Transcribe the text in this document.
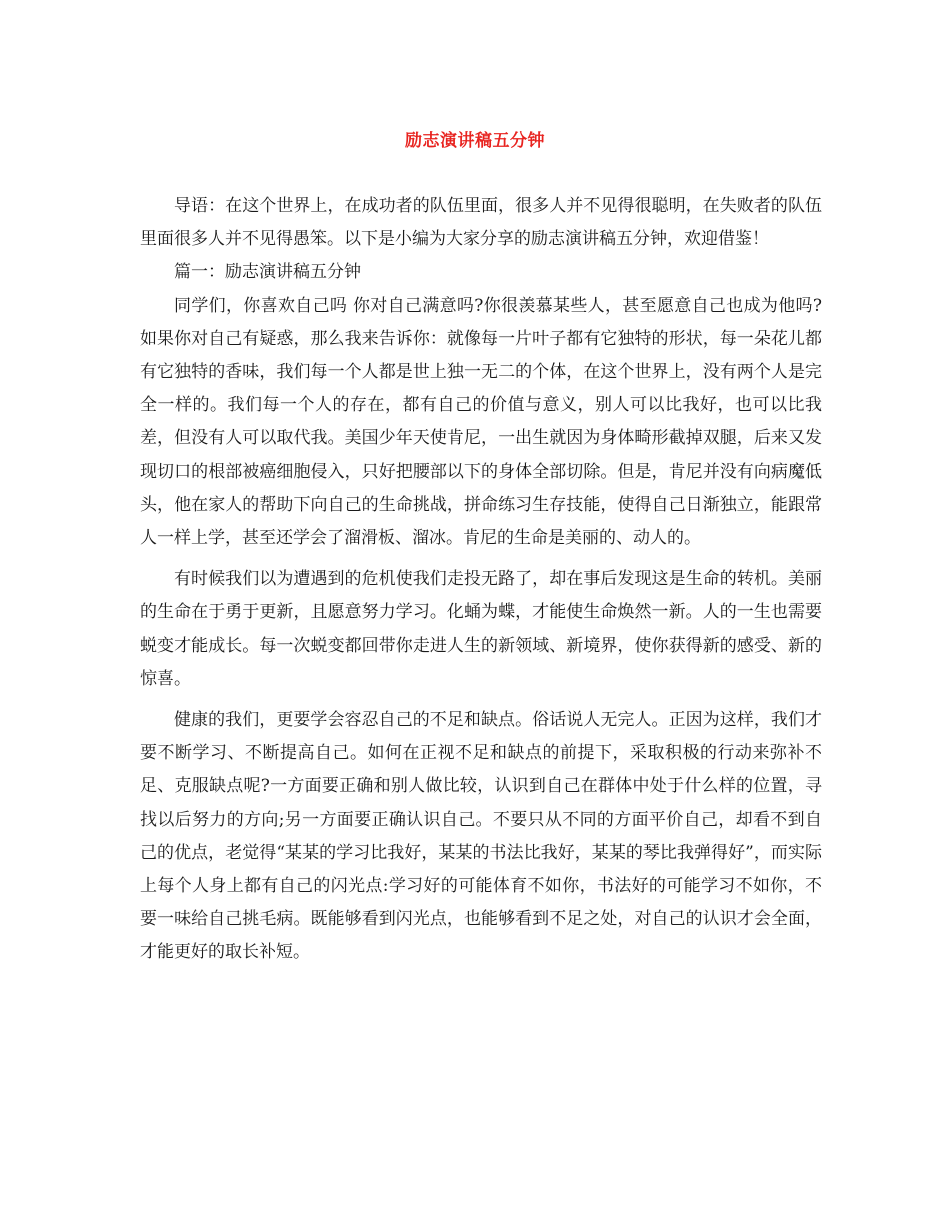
励志演讲稿五分钟

导语：在这个世界上，在成功者的队伍里面，很多人并不见得很聪明，在失败者的队伍里面很多人并不见得愚笨。以下是小编为大家分享的励志演讲稿五分钟，欢迎借鉴！

篇一：励志演讲稿五分钟

同学们，你喜欢自己吗 你对自己满意吗?你很羡慕某些人，甚至愿意自己也成为他吗?如果你对自己有疑惑，那么我来告诉你：就像每一片叶子都有它独特的形状，每一朵花儿都有它独特的香味，我们每一个人都是世上独一无二的个体，在这个世界上，没有两个人是完全一样的。我们每一个人的存在，都有自己的价值与意义，别人可以比我好，也可以比我差，但没有人可以取代我。美国少年天使肯尼，一出生就因为身体畸形截掉双腿，后来又发现切口的根部被癌细胞侵入，只好把腰部以下的身体全部切除。但是，肯尼并没有向病魔低头，他在家人的帮助下向自己的生命挑战，拼命练习生存技能，使得自己日渐独立，能跟常人一样上学，甚至还学会了溜滑板、溜冰。肯尼的生命是美丽的、动人的。

有时候我们以为遭遇到的危机使我们走投无路了，却在事后发现这是生命的转机。美丽的生命在于勇于更新，且愿意努力学习。化蛹为蝶，才能使生命焕然一新。人的一生也需要蜕变才能成长。每一次蜕变都回带你走进人生的新领域、新境界，使你获得新的感受、新的惊喜。

健康的我们，更要学会容忍自己的不足和缺点。俗话说人无完人。正因为这样，我们才要不断学习、不断提高自己。如何在正视不足和缺点的前提下，采取积极的行动来弥补不足、克服缺点呢?一方面要正确和别人做比较，认识到自己在群体中处于什么样的位置，寻找以后努力的方向;另一方面要正确认识自己。不要只从不同的方面平价自己，却看不到自己的优点，老觉得“某某的学习比我好，某某的书法比我好，某某的琴比我弹得好”，而实际上每个人身上都有自己的闪光点:学习好的可能体育不如你，书法好的可能学习不如你，不要一味给自己挑毛病。既能够看到闪光点，也能够看到不足之处，对自己的认识才会全面，才能更好的取长补短。
